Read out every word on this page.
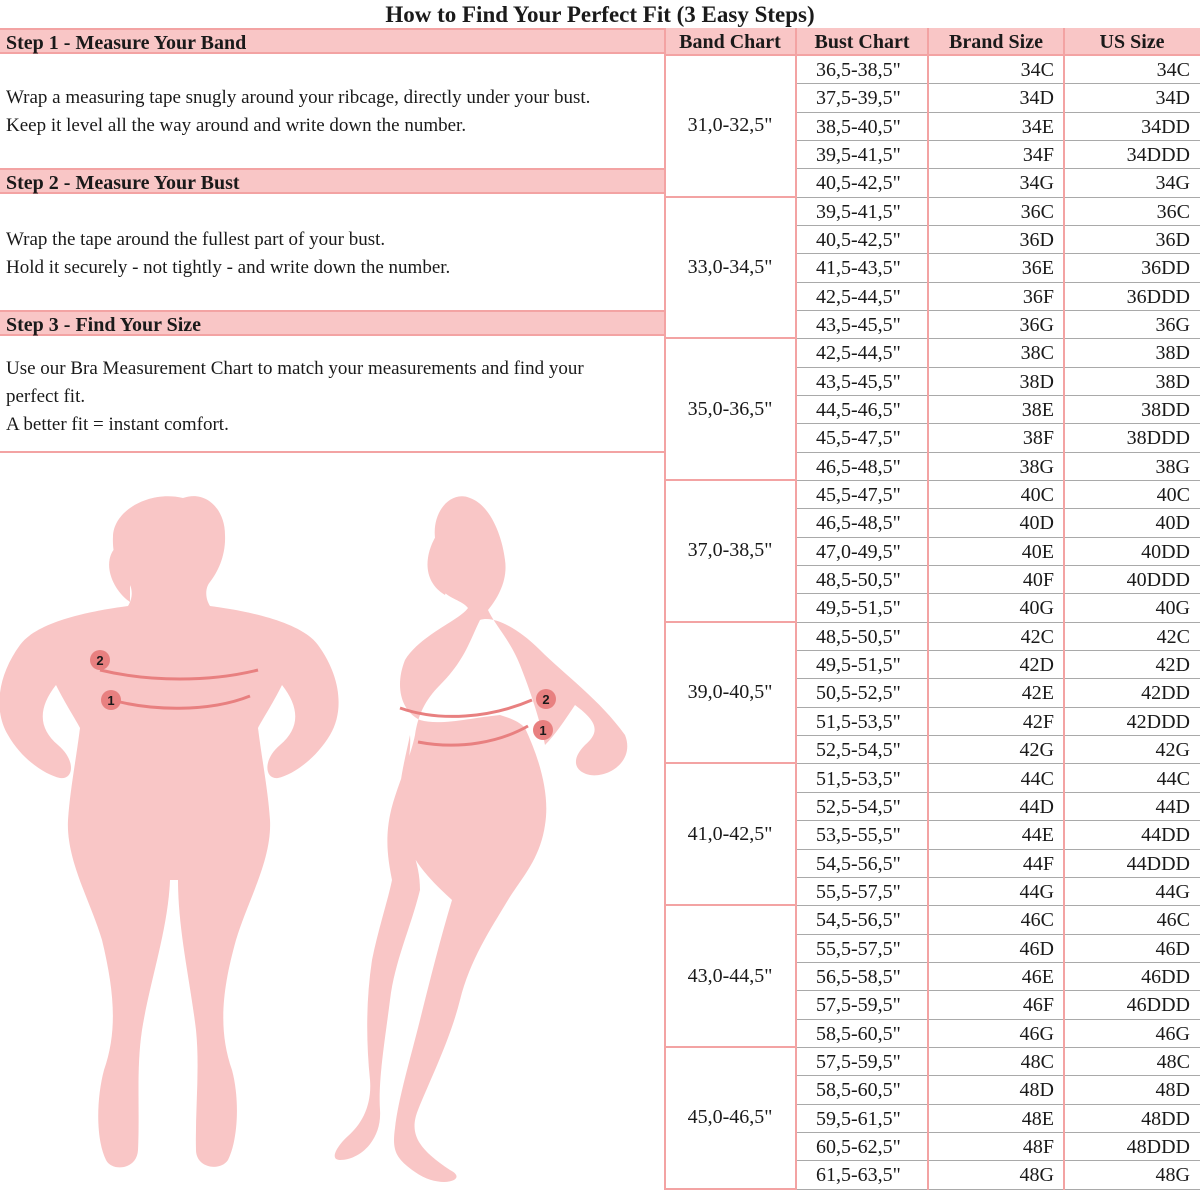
How to Find Your Perfect Fit (3 Easy Steps)
Step 1 - Measure Your Band
Wrap a measuring tape snugly around your ribcage, directly under your bust.
Keep it level all the way around and write down the number.
Step 2 - Measure Your Bust
Wrap the tape around the fullest part of your bust.
Hold it securely - not tightly - and write down the number.
Step 3 - Find Your Size
Use our Bra Measurement Chart to match your measurements and find your
perfect fit.
A better fit = instant comfort.
2
1	2
1
Band Chart	Bust Chart	Brand Size	US Size
31,0-32,5"
36,5-38,5"	34C	34C
37,5-39,5"	34D	34D
38,5-40,5"	34E	34DD
39,5-41,5"	34F	34DDD
40,5-42,5"	34G	34G
33,0-34,5"
39,5-41,5"	36C	36C
40,5-42,5"	36D	36D
41,5-43,5"	36E	36DD
42,5-44,5"	36F	36DDD
43,5-45,5"	36G	36G
35,0-36,5"
42,5-44,5"	38C	38D
43,5-45,5"	38D	38D
44,5-46,5"	38E	38DD
45,5-47,5"	38F	38DDD
46,5-48,5"	38G	38G
37,0-38,5"
45,5-47,5"	40C	40C
46,5-48,5"	40D	40D
47,0-49,5"	40E	40DD
48,5-50,5"	40F	40DDD
49,5-51,5"	40G	40G
39,0-40,5"
48,5-50,5"	42C	42C
49,5-51,5"	42D	42D
50,5-52,5"	42E	42DD
51,5-53,5"	42F	42DDD
52,5-54,5"	42G	42G
41,0-42,5"
51,5-53,5"	44C	44C
52,5-54,5"	44D	44D
53,5-55,5"	44E	44DD
54,5-56,5"	44F	44DDD
55,5-57,5"	44G	44G
43,0-44,5"
54,5-56,5"	46C	46C
55,5-57,5"	46D	46D
56,5-58,5"	46E	46DD
57,5-59,5"	46F	46DDD
58,5-60,5"	46G	46G
45,0-46,5"
57,5-59,5"	48C	48C
58,5-60,5"	48D	48D
59,5-61,5"	48E	48DD
60,5-62,5"	48F	48DDD
61,5-63,5"	48G	48G
